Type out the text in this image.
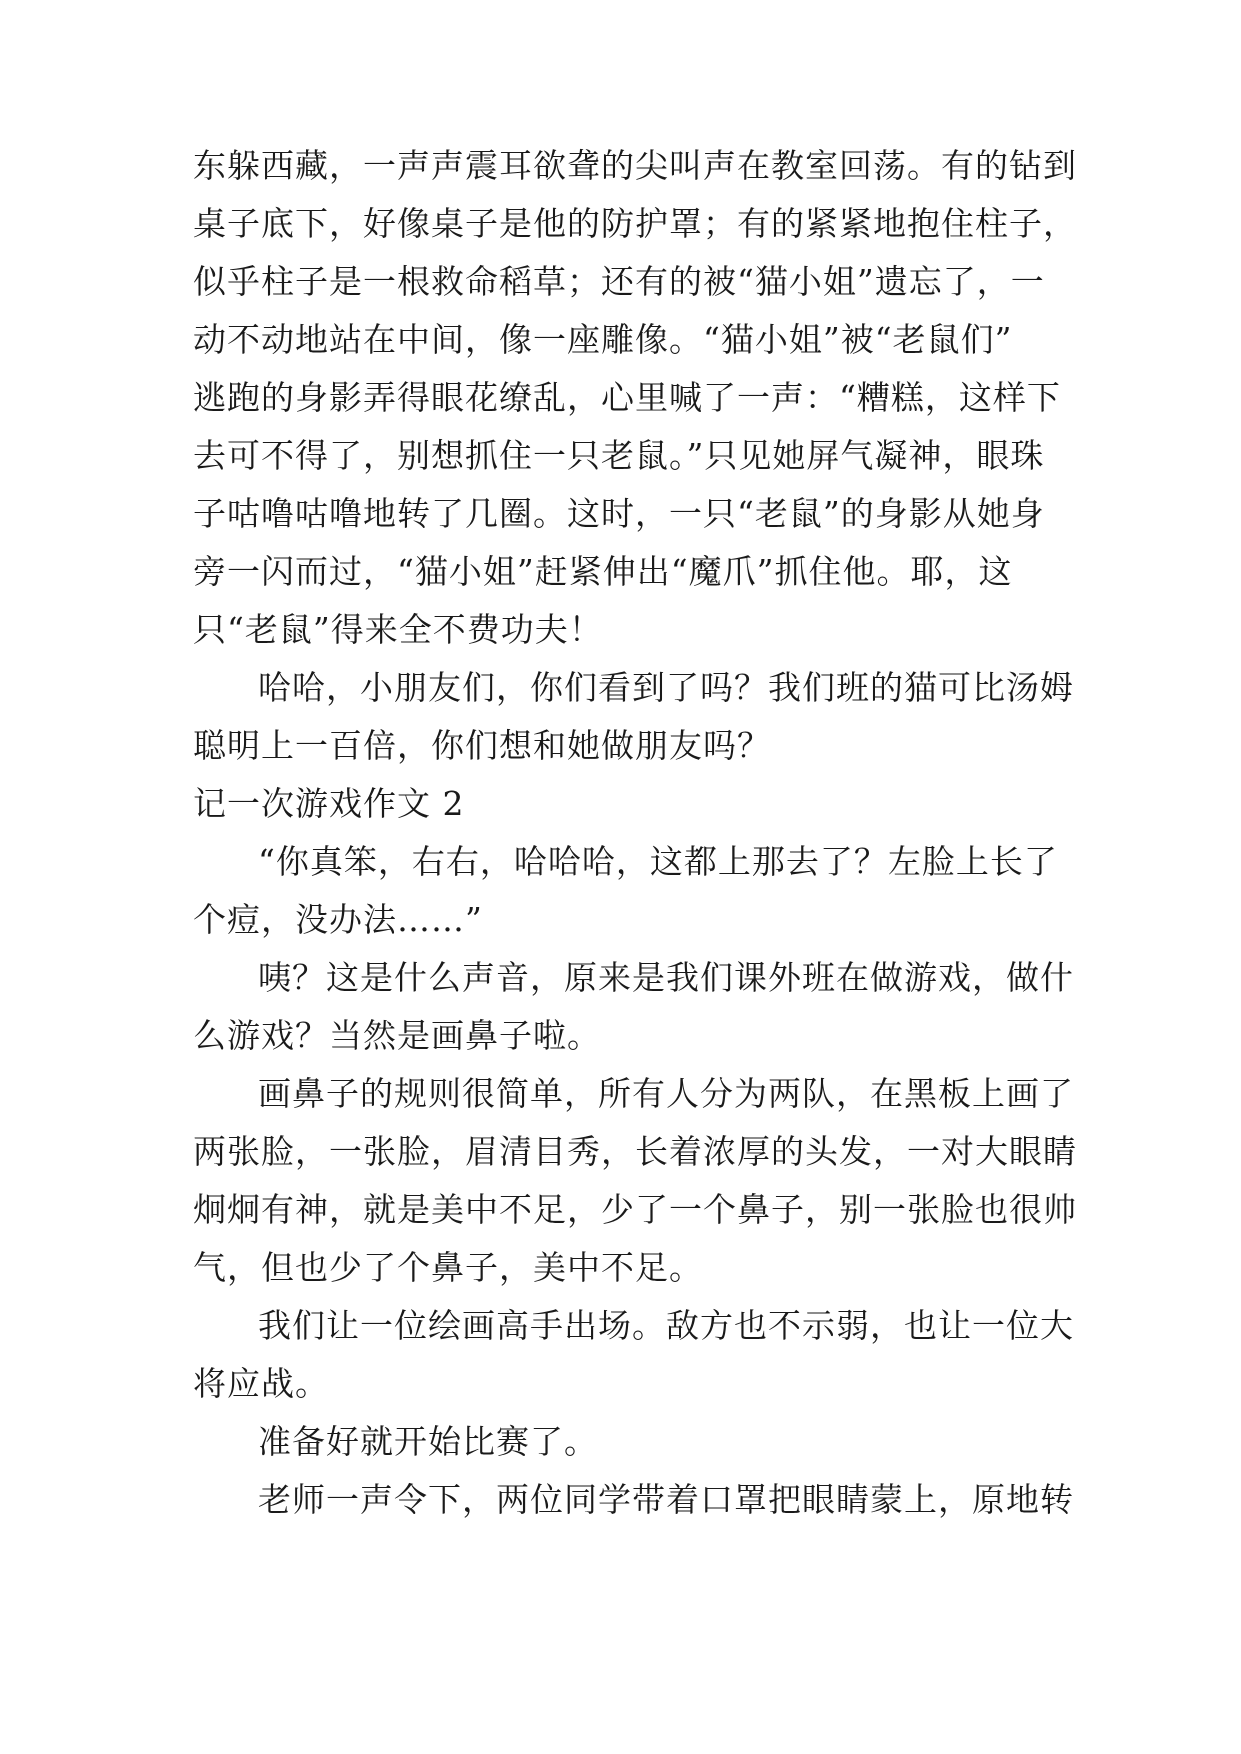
东躲西藏，一声声震耳欲聋的尖叫声在教室回荡。有的钻到
桌子底下，好像桌子是他的防护罩；有的紧紧地抱住柱子，
似乎柱子是一根救命稻草；还有的被“猫小姐”遗忘了，一
动不动地站在中间，像一座雕像。“猫小姐”被“老鼠们”
逃跑的身影弄得眼花缭乱，心里喊了一声：“糟糕，这样下
去可不得了，别想抓住一只老鼠。”只见她屏气凝神，眼珠
子咕噜咕噜地转了几圈。这时，一只“老鼠”的身影从她身
旁一闪而过，“猫小姐”赶紧伸出“魔爪”抓住他。耶，这
只“老鼠”得来全不费功夫！
哈哈，小朋友们，你们看到了吗？我们班的猫可比汤姆
聪明上一百倍，你们想和她做朋友吗？
记一次游戏作文 2
“你真笨，右右，哈哈哈，这都上那去了？左脸上长了
个痘，没办法……”
咦？这是什么声音，原来是我们课外班在做游戏，做什
么游戏？当然是画鼻子啦。
画鼻子的规则很简单，所有人分为两队，在黑板上画了
两张脸，一张脸，眉清目秀，长着浓厚的头发，一对大眼睛
炯炯有神，就是美中不足，少了一个鼻子，别一张脸也很帅
气，但也少了个鼻子，美中不足。
我们让一位绘画高手出场。敌方也不示弱，也让一位大
将应战。
准备好就开始比赛了。
老师一声令下，两位同学带着口罩把眼睛蒙上，原地转
